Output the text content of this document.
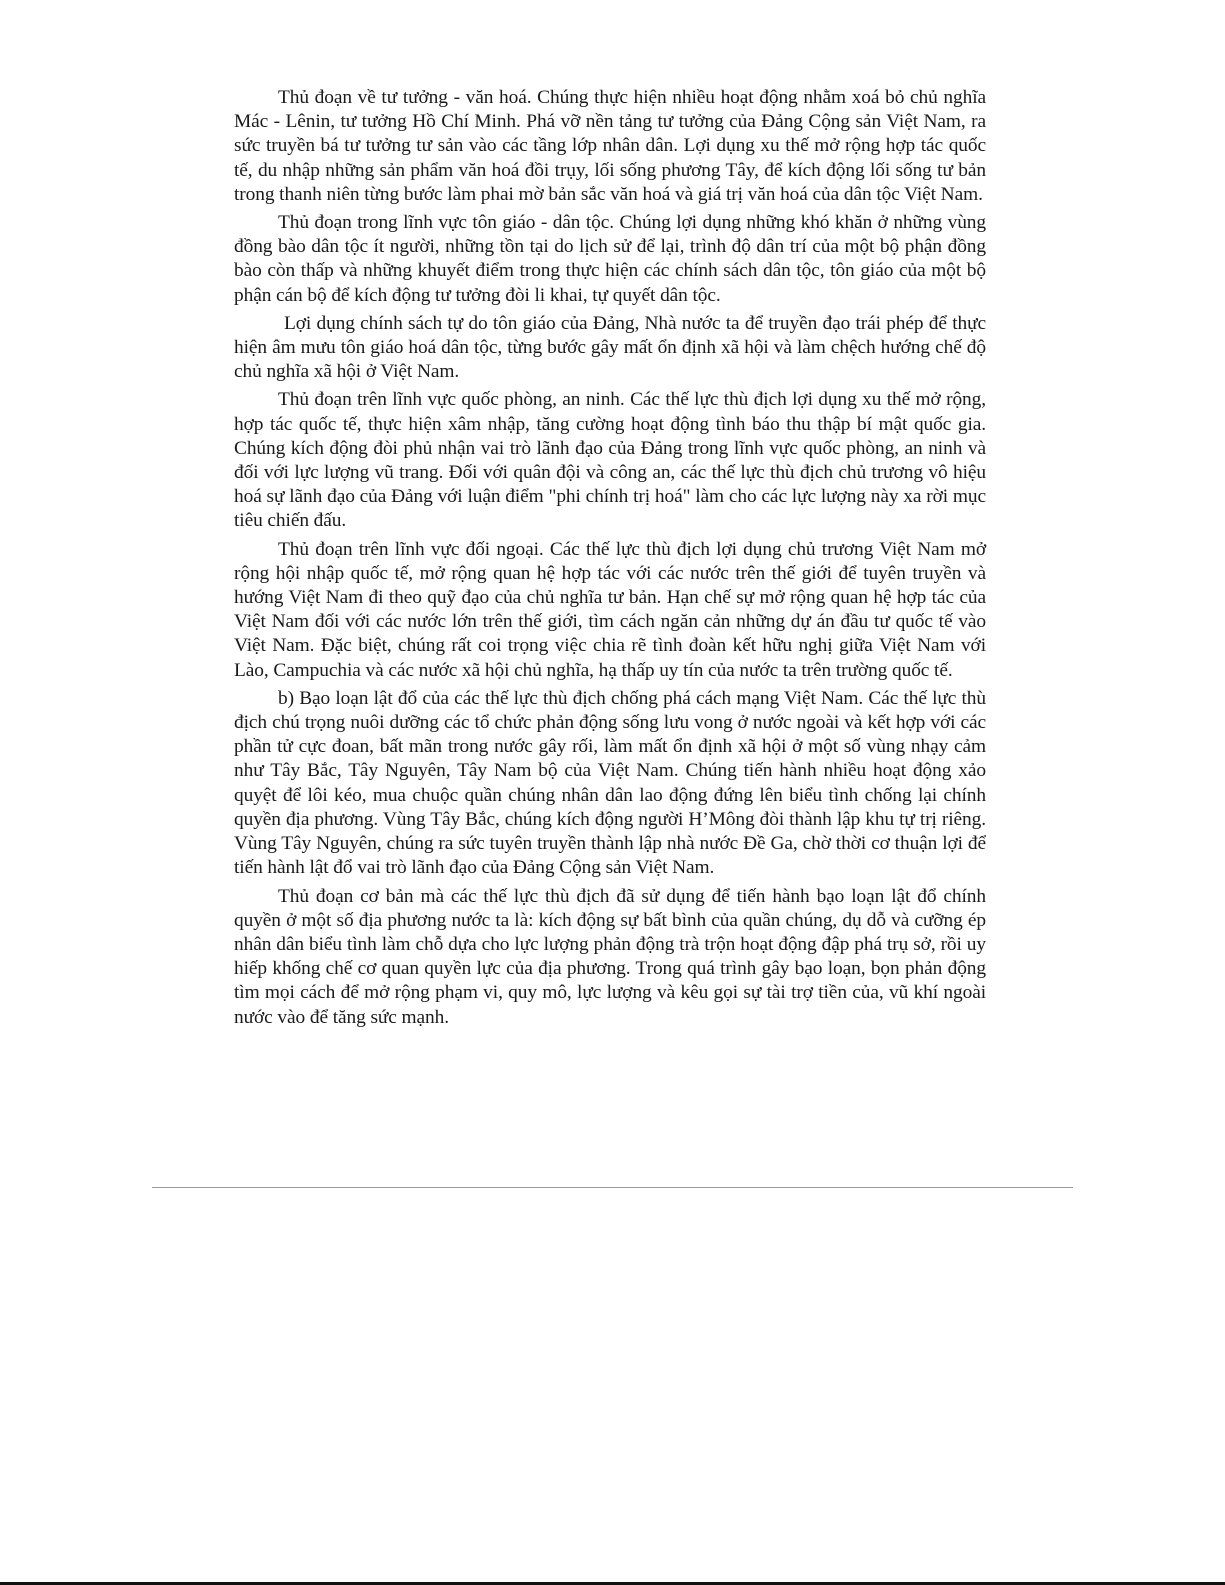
Thủ đoạn về tư tưởng - văn hoá. Chúng thực hiện nhiều hoạt động nhằm xoá bỏ chủ nghĩa Mác - Lênin, tư tưởng Hồ Chí Minh. Phá vỡ nền tảng tư tưởng của Đảng Cộng sản Việt Nam, ra sức truyền bá tư tưởng tư sản vào các tầng lớp nhân dân. Lợi dụng xu thế mở rộng hợp tác quốc tế, du nhập những sản phẩm văn hoá đồi trụy, lối sống phương Tây, để kích động lối sống tư bản trong thanh niên từng bước làm phai mờ bản sắc văn hoá và giá trị văn hoá của dân tộc Việt Nam.

Thủ đoạn trong lĩnh vực tôn giáo - dân tộc. Chúng lợi dụng những khó khăn ở những vùng đồng bào dân tộc ít người, những tồn tại do lịch sử để lại, trình độ dân trí của một bộ phận đồng bào còn thấp và những khuyết điểm trong thực hiện các chính sách dân tộc, tôn giáo của một bộ phận cán bộ để kích động tư tưởng đòi li khai, tự quyết dân tộc.

Lợi dụng chính sách tự do tôn giáo của Đảng, Nhà nước ta để truyền đạo trái phép để thực hiện âm mưu tôn giáo hoá dân tộc, từng bước gây mất ổn định xã hội và làm chệch hướng chế độ chủ nghĩa xã hội ở Việt Nam.

Thủ đoạn trên lĩnh vực quốc phòng, an ninh. Các thế lực thù địch lợi dụng xu thế mở rộng, hợp tác quốc tế, thực hiện xâm nhập, tăng cường hoạt động tình báo thu thập bí mật quốc gia. Chúng kích động đòi phủ nhận vai trò lãnh đạo của Đảng trong lĩnh vực quốc phòng, an ninh và đối với lực lượng vũ trang. Đối với quân đội và công an, các thế lực thù địch chủ trương vô hiệu hoá sự lãnh đạo của Đảng với luận điểm "phi chính trị hoá" làm cho các lực lượng này xa rời mục tiêu chiến đấu.

Thủ đoạn trên lĩnh vực đối ngoại. Các thế lực thù địch lợi dụng chủ trương Việt Nam mở rộng hội nhập quốc tế, mở rộng quan hệ hợp tác với các nước trên thế giới để tuyên truyền và hướng Việt Nam đi theo quỹ đạo của chủ nghĩa tư bản. Hạn chế sự mở rộng quan hệ hợp tác của Việt Nam đối với các nước lớn trên thế giới, tìm cách ngăn cản những dự án đầu tư quốc tế vào Việt Nam. Đặc biệt, chúng rất coi trọng việc chia rẽ tình đoàn kết hữu nghị giữa Việt Nam với Lào, Campuchia và các nước xã hội chủ nghĩa, hạ thấp uy tín của nước ta trên trường quốc tế.

b) Bạo loạn lật đổ của các thế lực thù địch chống phá cách mạng Việt Nam. Các thế lực thù địch chú trọng nuôi dưỡng các tổ chức phản động sống lưu vong ở nước ngoài và kết hợp với các phần tử cực đoan, bất mãn trong nước gây rối, làm mất ổn định xã hội ở một số vùng nhạy cảm như Tây Bắc, Tây Nguyên, Tây Nam bộ của Việt Nam. Chúng tiến hành nhiều hoạt động xảo quyệt để lôi kéo, mua chuộc quần chúng nhân dân lao động đứng lên biểu tình chống lại chính quyền địa phương. Vùng Tây Bắc, chúng kích động người H’Mông đòi thành lập khu tự trị riêng. Vùng Tây Nguyên, chúng ra sức tuyên truyền thành lập nhà nước Đề Ga, chờ thời cơ thuận lợi để tiến hành lật đổ vai trò lãnh đạo của Đảng Cộng sản Việt Nam.

Thủ đoạn cơ bản mà các thế lực thù địch đã sử dụng để tiến hành bạo loạn lật đổ chính quyền ở một số địa phương nước ta là: kích động sự bất bình của quần chúng, dụ dỗ và cưỡng ép nhân dân biểu tình làm chỗ dựa cho lực lượng phản động trà trộn hoạt động đập phá trụ sở, rồi uy hiếp khống chế cơ quan quyền lực của địa phương. Trong quá trình gây bạo loạn, bọn phản động tìm mọi cách để mở rộng phạm vi, quy mô, lực lượng và kêu gọi sự tài trợ tiền của, vũ khí ngoài nước vào để tăng sức mạnh.
